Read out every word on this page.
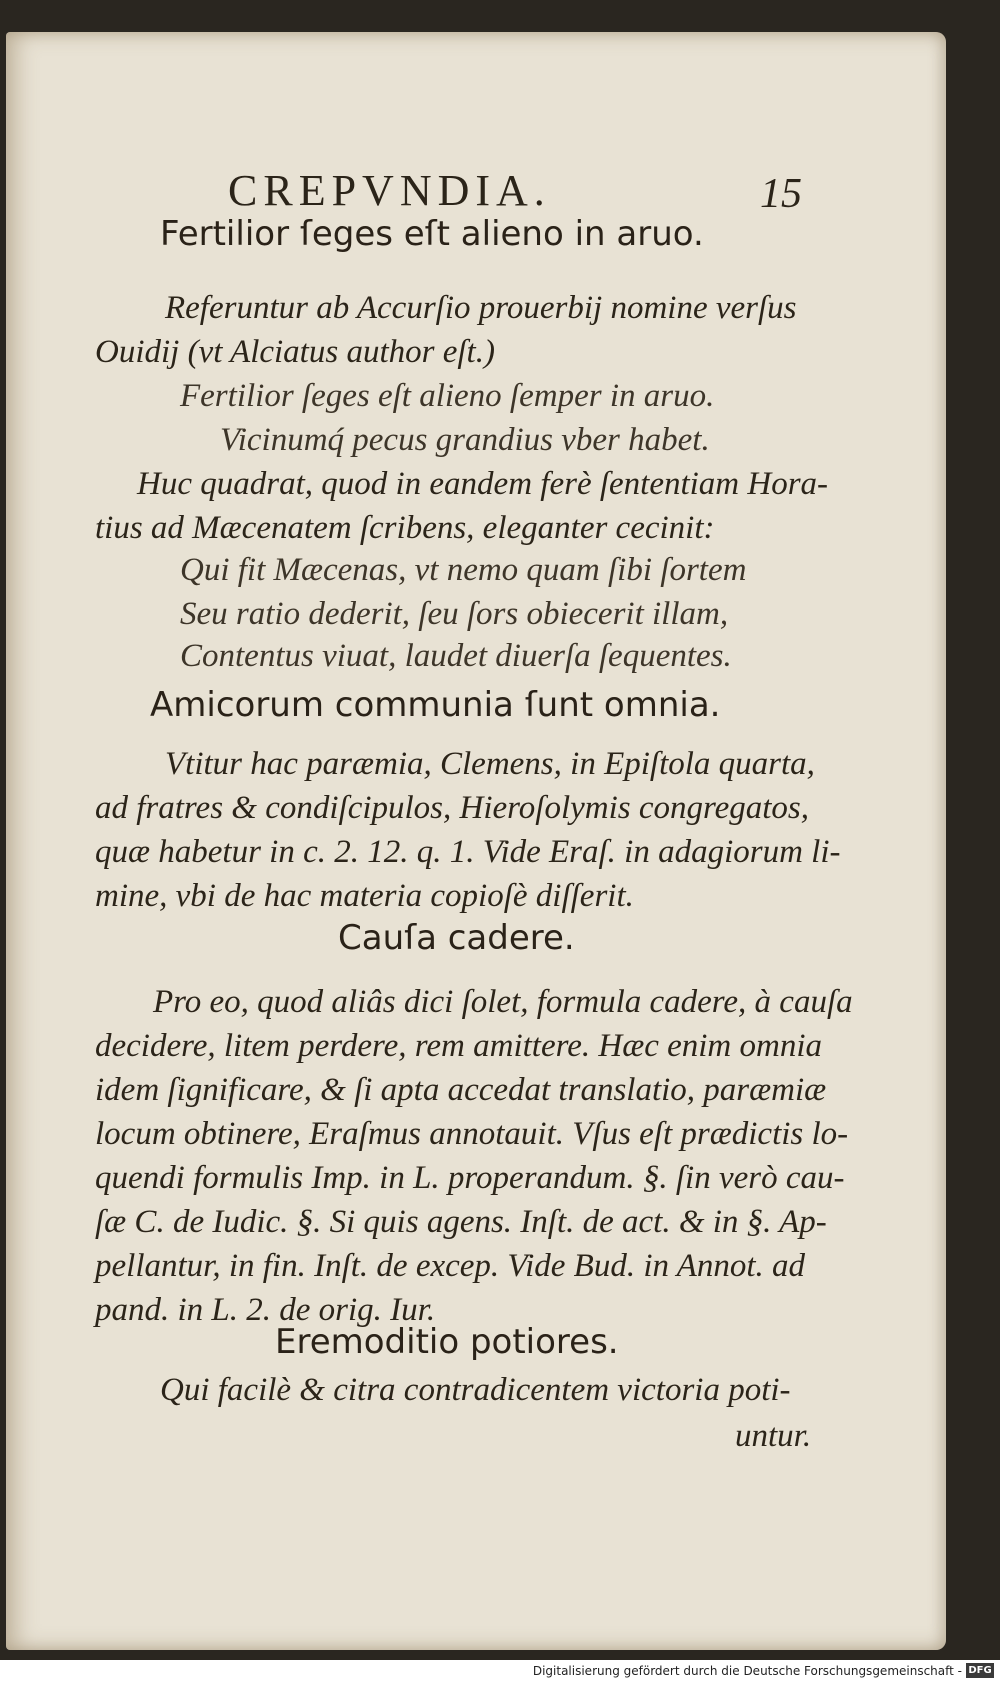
CREPVNDIA.	15
Fertilior ſeges eſt alieno in aruo.
Referuntur ab Accurſio prouerbij nomine verſus
Ouidij (vt Alciatus author eſt.)
Fertilior ſeges eſt alieno ſemper in aruo.
Vicinumq́ pecus grandius vber habet.
Huc quadrat, quod in eandem ferè ſententiam Hora-
tius ad Mæcenatem ſcribens, eleganter cecinit:
Qui fit Mæcenas, vt nemo quam ſibi ſortem
Seu ratio dederit, ſeu ſors obiecerit illam,
Contentus viuat, laudet diuerſa ſequentes.
Amicorum communia ſunt omnia.
Vtitur hac paræmia, Clemens, in Epiſtola quarta,
ad fratres & condiſcipulos, Hieroſolymis congregatos,
quæ habetur in c. 2. 12. q. 1. Vide Eraſ. in adagiorum li-
mine, vbi de hac materia copioſè diſſerit.
Cauſa cadere.
Pro eo, quod aliâs dici ſolet, formula cadere, à cauſa
decidere, litem perdere, rem amittere. Hæc enim omnia
idem ſignificare, & ſi apta accedat translatio, paræmiæ
locum obtinere, Eraſmus annotauit. Vſus eſt prædictis lo-
quendi formulis Imp. in L. properandum. §. ſin verò cau-
ſæ C. de Iudic. §. Si quis agens. Inſt. de act. & in §. Ap-
pellantur, in fin. Inſt. de excep. Vide Bud. in Annot. ad
pand. in L. 2. de orig. Iur.
Eremoditio potiores.
Qui facilè & citra contradicentem victoria poti-
untur.
Digitalisierung gefördert durch die Deutsche Forschungsgemeinschaft - DFG
